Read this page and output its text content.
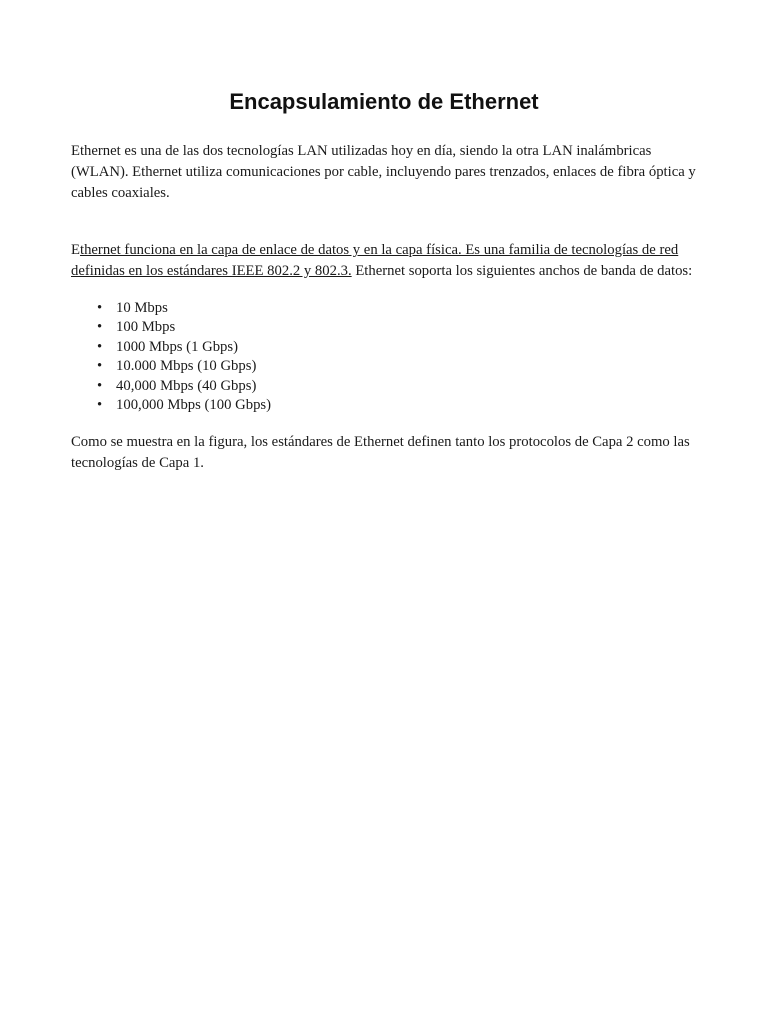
Encapsulamiento de Ethernet

Ethernet es una de las dos tecnologías LAN utilizadas hoy en día, siendo la otra LAN inalámbricas (WLAN). Ethernet utiliza comunicaciones por cable, incluyendo pares trenzados, enlaces de fibra óptica y cables coaxiales.

Ethernet funciona en la capa de enlace de datos y en la capa física. Es una familia de tecnologías de red definidas en los estándares IEEE 802.2 y 802.3. Ethernet soporta los siguientes anchos de banda de datos:

• 10 Mbps
• 100 Mbps
• 1000 Mbps (1 Gbps)
• 10.000 Mbps (10 Gbps)
• 40,000 Mbps (40 Gbps)
• 100,000 Mbps (100 Gbps)

Como se muestra en la figura, los estándares de Ethernet definen tanto los protocolos de Capa 2 como las tecnologías de Capa 1.
